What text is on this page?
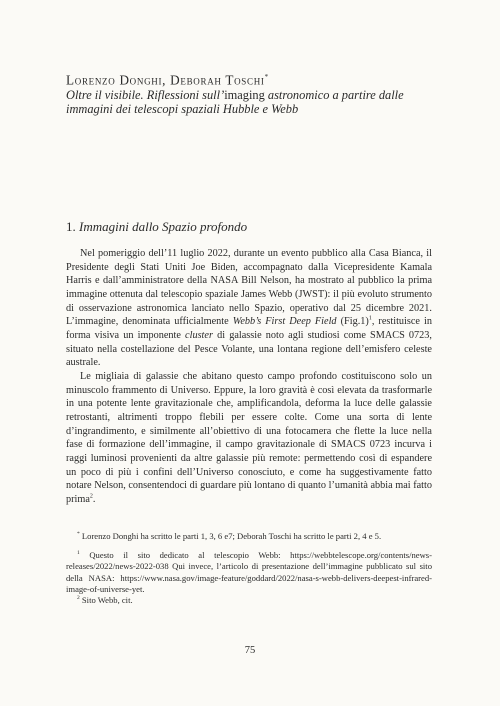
Lorenzo Donghi, Deborah Toschi*
Oltre il visibile. Riflessioni sull’imaging astronomico a partire dalle immagini dei telescopi spaziali Hubble e Webb
1. Immagini dallo Spazio profondo

Nel pomeriggio dell’11 luglio 2022, durante un evento pubblico alla Casa Bianca, il Presidente degli Stati Uniti Joe Biden, accompagnato dalla Vicepresidente Kamala Harris e dall’amministratore della NASA Bill Nelson, ha mostrato al pubblico la prima immagine ottenuta dal telescopio spaziale James Webb (JWST): il più evoluto strumento di osservazione astronomica lanciato nello Spazio, operativo dal 25 dicembre 2021. L’immagine, denominata ufficialmente Webb’s First Deep Field $(Fig.1)^1$, restituisce in forma visiva un imponente cluster di galassie noto agli studiosi come SMACS 0723, situato nella costellazione del Pesce Volante, una lontana regione dell’emisfero celeste australe.

Le migliaia di galassie che abitano questo campo profondo costituiscono solo un minuscolo frammento di Universo. Eppure, la loro gravità è così elevata da trasformarle in una potente lente gravitazionale che, amplificandola, deforma la luce delle galassie retrostanti, altrimenti troppo flebili per essere colte. Come una sorta di lente d’ingrandimento, e similmente all’obiettivo di una fotocamera che flette la luce nella fase di formazione dell’immagine, il campo gravitazionale di SMACS 0723 incurva i raggi luminosi provenienti da altre galassie più remote: permettendo così di espandere un poco di più i confini dell’Universo conosciuto, e come ha suggestivamente fatto notare Nelson, consentendoci di guardare più lontano di quanto l’umanità abbia mai fatto prima$^2$.

* Lorenzo Donghi ha scritto le parti 1, 3, 6 e7; Deborah Toschi ha scritto le parti 2, 4 e 5.

$^1$ Questo il sito dedicato al telescopio Webb: https://webbtelescope.org/contents/news-releases/2022/news-2022-038 Qui invece, l’articolo di presentazione dell’immagine pubblicato sul sito della NASA: https://www.nasa.gov/image-feature/goddard/2022/nasa-s-webb-delivers-deepest-infrared-image-of-universe-yet.

$^2$ Sito Webb, cit.

75
